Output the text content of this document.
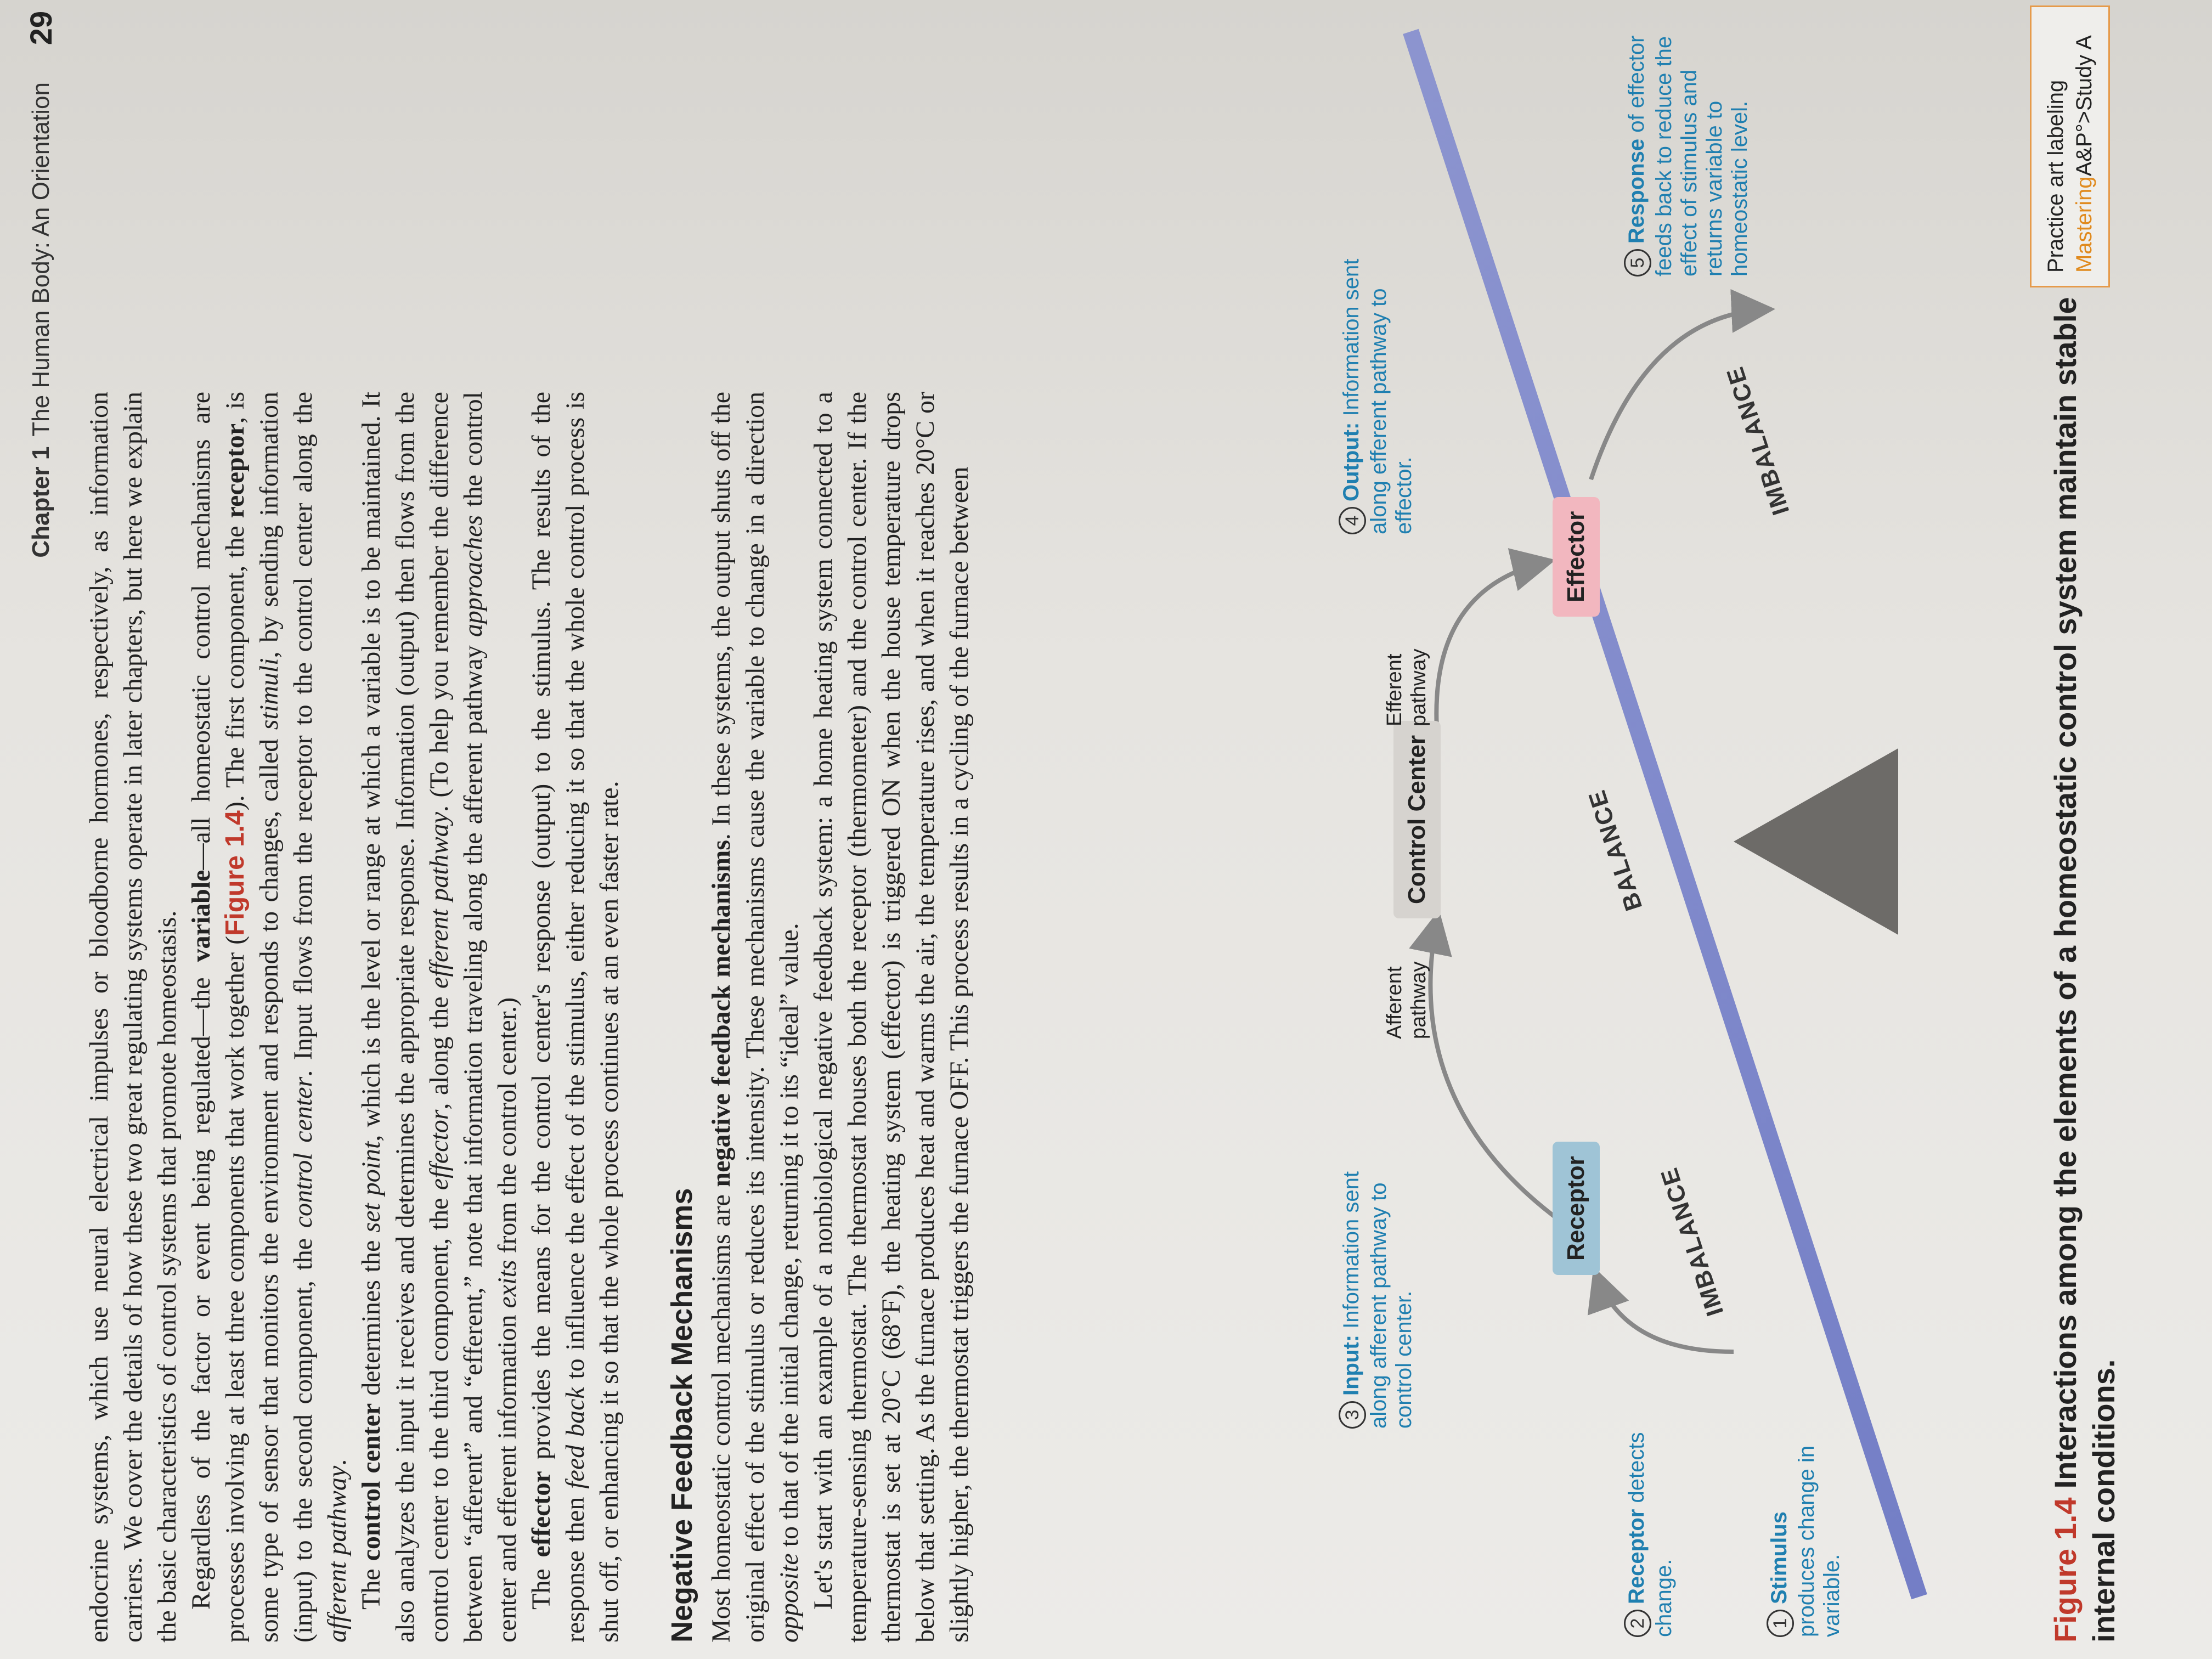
Chapter 1The Human Body: An Orientation
29

endocrine systems, which use neural electrical impulses or bloodborne hormones, respectively, as information carriers. We cover the details of how these two great regulating systems operate in later chapters, but here we explain the basic characteristics of control systems that promote homeostasis. Regardless of the factor or event being regulated—the variable—all homeostatic control mechanisms are processes involving at least three components that work together (Figure 1.4). The first component, the receptor, is some type of sensor that monitors the environment and responds to changes, called stimuli, by sending information (input) to the second component, the control center. Input flows from the receptor to the control center along the afferent pathway.

The control center determines the set point, which is the level or range at which a variable is to be maintained. It also analyzes the input it receives and determines the appropriate response. Information (output) then flows from the control center to the third component, the effector, along the efferent pathway. (To help you remember the difference between “afferent” and “efferent,” note that information traveling along the afferent pathway approaches the control center and efferent information exits from the control center.)

The effector provides the means for the control center's response (output) to the stimulus. The results of the response then feed back to influence the effect of the stimulus, either reducing it so that the whole control process is shut off, or enhancing it so that the whole process continues at an even faster rate. Negative Feedback Mechanisms Most homeostatic control mechanisms are negative feedback mechanisms. In these systems, the output shuts off the original effect of the stimulus or reduces its intensity. These mechanisms cause the variable to change in a direction opposite to that of the initial change, returning it to its “ideal” value. Let's start with an example of a nonbiological negative feedback system: a home heating system connected to a temperature-sensing thermostat. The thermostat houses both the receptor (thermometer) and the control center. If the thermostat is set at 20°C (68°F), the heating system (effector) is triggered ON when the house temperature drops below that setting. As the furnace produces heat and warms the air, the temperature rises, and when it reaches 20°C or slightly higher, the thermostat triggers the furnace OFF. This process results in a cycling of the furnace between	IMBALANCE
BALANCE
IMBALANCE
Receptor
Control Center
Effector
Afferent pathway
Efferent pathway
1Stimulus produces change in variable.
2Receptor detects change.
3Input: Information sent along afferent pathway to control center.
4Output: Information sent along efferent pathway to effector.
5Response of effector feeds back to reduce the effect of stimulus and returns variable to homeostatic level.
Figure 1.4Interactions among the elements of a homeostatic control system maintain stable internal conditions.
Practice art labeling MasteringA&P°>Study A
